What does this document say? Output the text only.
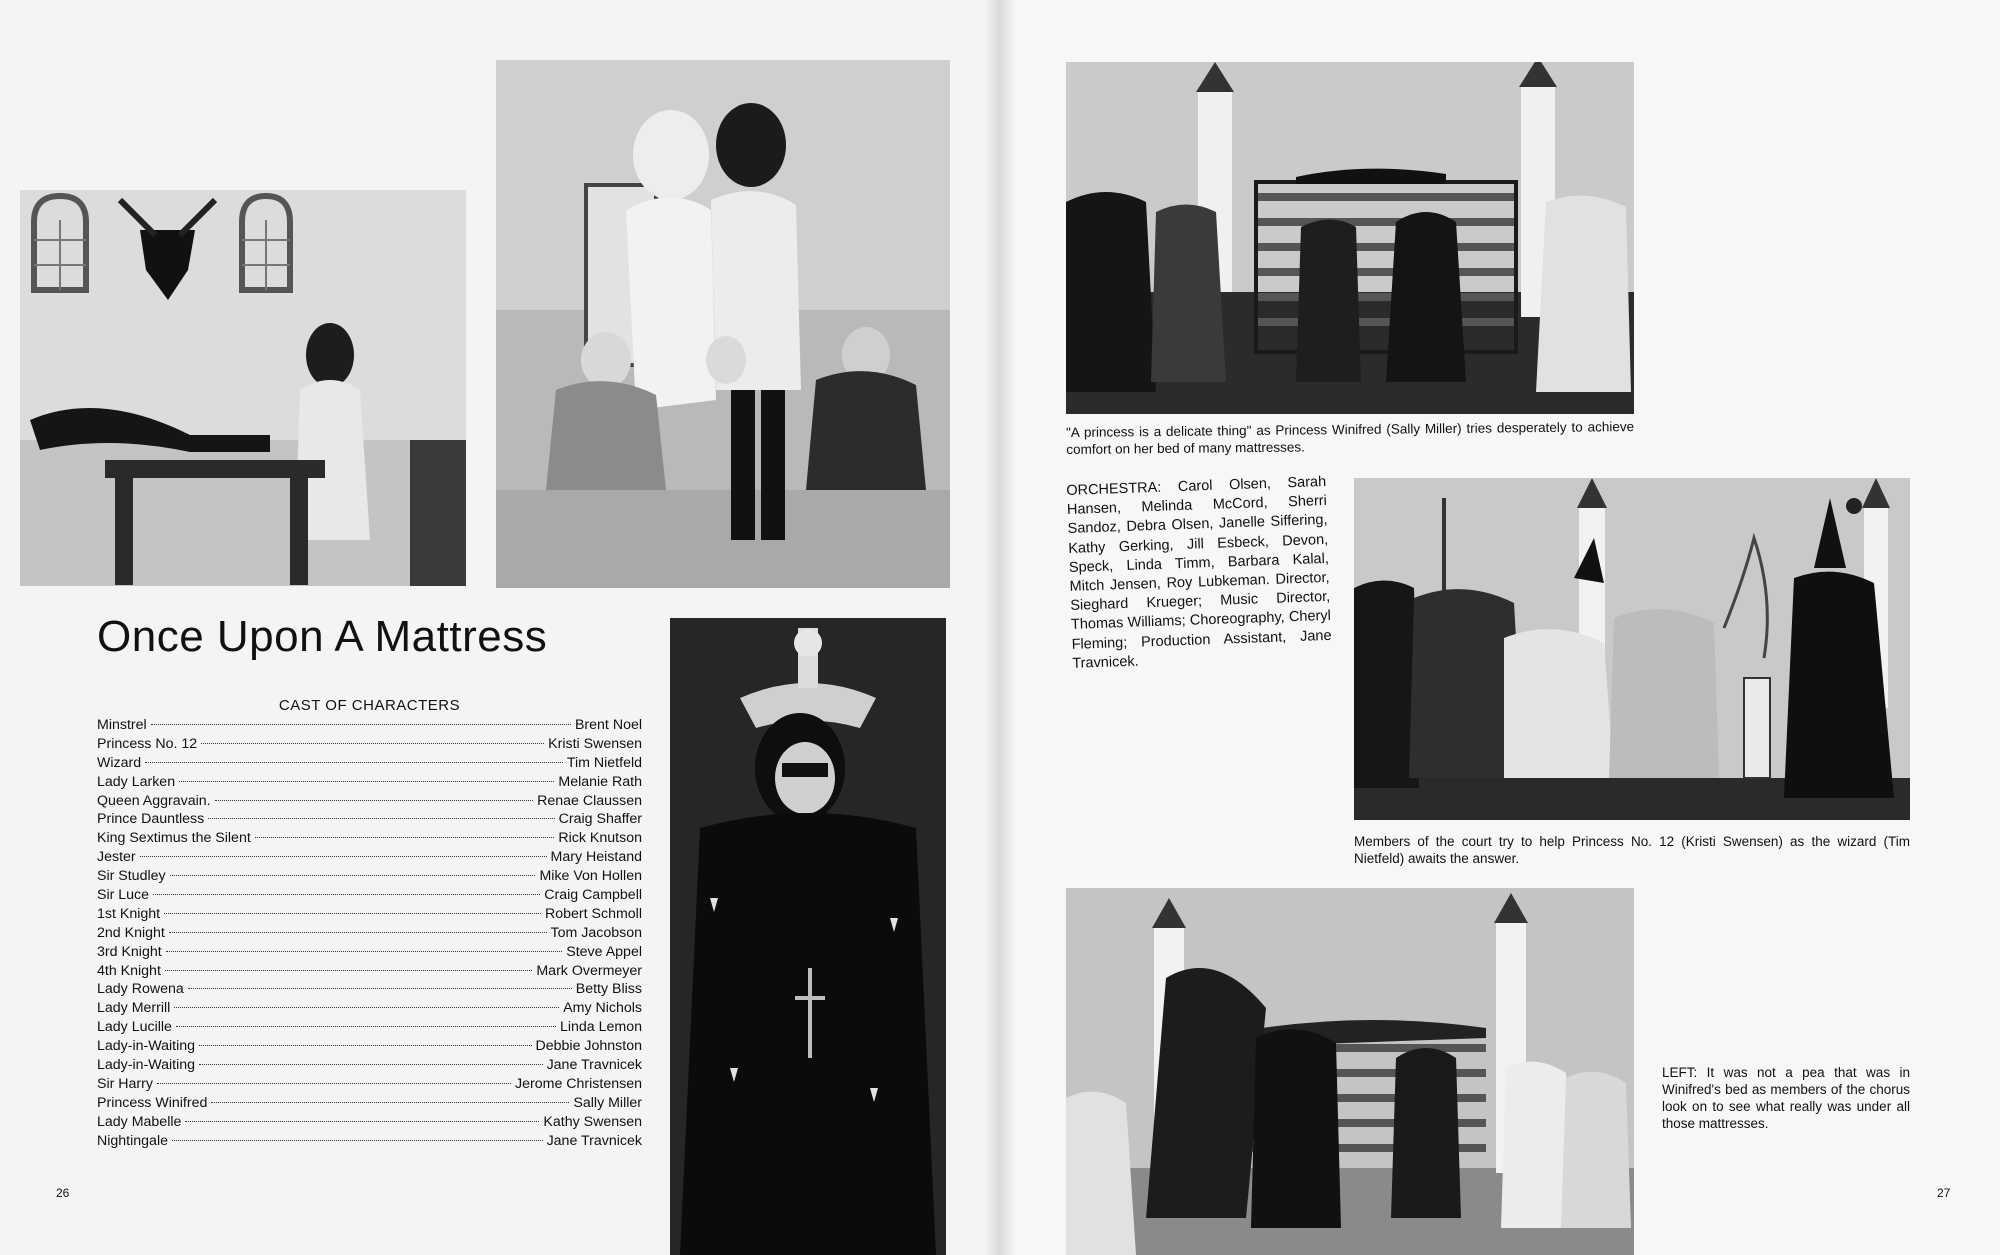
Once Upon A Mattress
CAST OF CHARACTERS
Minstrel	Brent Noel
Princess No. 12	Kristi Swensen
Wizard	Tim Nietfeld
Lady Larken	Melanie Rath
Queen Aggravain.	Renae Claussen
Prince Dauntless	Craig Shaffer
King Sextimus the Silent	Rick Knutson
Jester	Mary Heistand
Sir Studley	Mike Von Hollen
Sir Luce	Craig Campbell
1st Knight	Robert Schmoll
2nd Knight	Tom Jacobson
3rd Knight	Steve Appel
4th Knight	Mark Overmeyer
Lady Rowena	Betty Bliss
Lady Merrill	Amy Nichols
Lady Lucille	Linda Lemon
Lady-in-Waiting	Debbie Johnston
Lady-in-Waiting	Jane Travnicek
Sir Harry	Jerome Christensen
Princess Winifred	Sally Miller
Lady Mabelle	Kathy Swensen
Nightingale	Jane Travnicek
26
"A princess is a delicate thing" as Princess Winifred (Sally Miller) tries desperately to achieve comfort on her bed of many mattresses.
ORCHESTRA: Carol Olsen, Sarah Hansen, Melinda McCord, Sherri Sandoz, Debra Olsen, Janelle Siffering, Kathy Gerking, Jill Esbeck, Devon, Speck, Linda Timm, Barbara Kalal, Mitch Jensen, Roy Lubkeman. Director, Sieghard Krueger; Music Director, Thomas Williams; Choreography, Cheryl Fleming; Production Assistant, Jane Travnicek.
Members of the court try to help Princess No. 12 (Kristi Swensen) as the wizard (Tim Nietfeld) awaits the answer.
LEFT: It was not a pea that was in Winifred's bed as members of the chorus look on to see what really was under all those mattresses.
27
